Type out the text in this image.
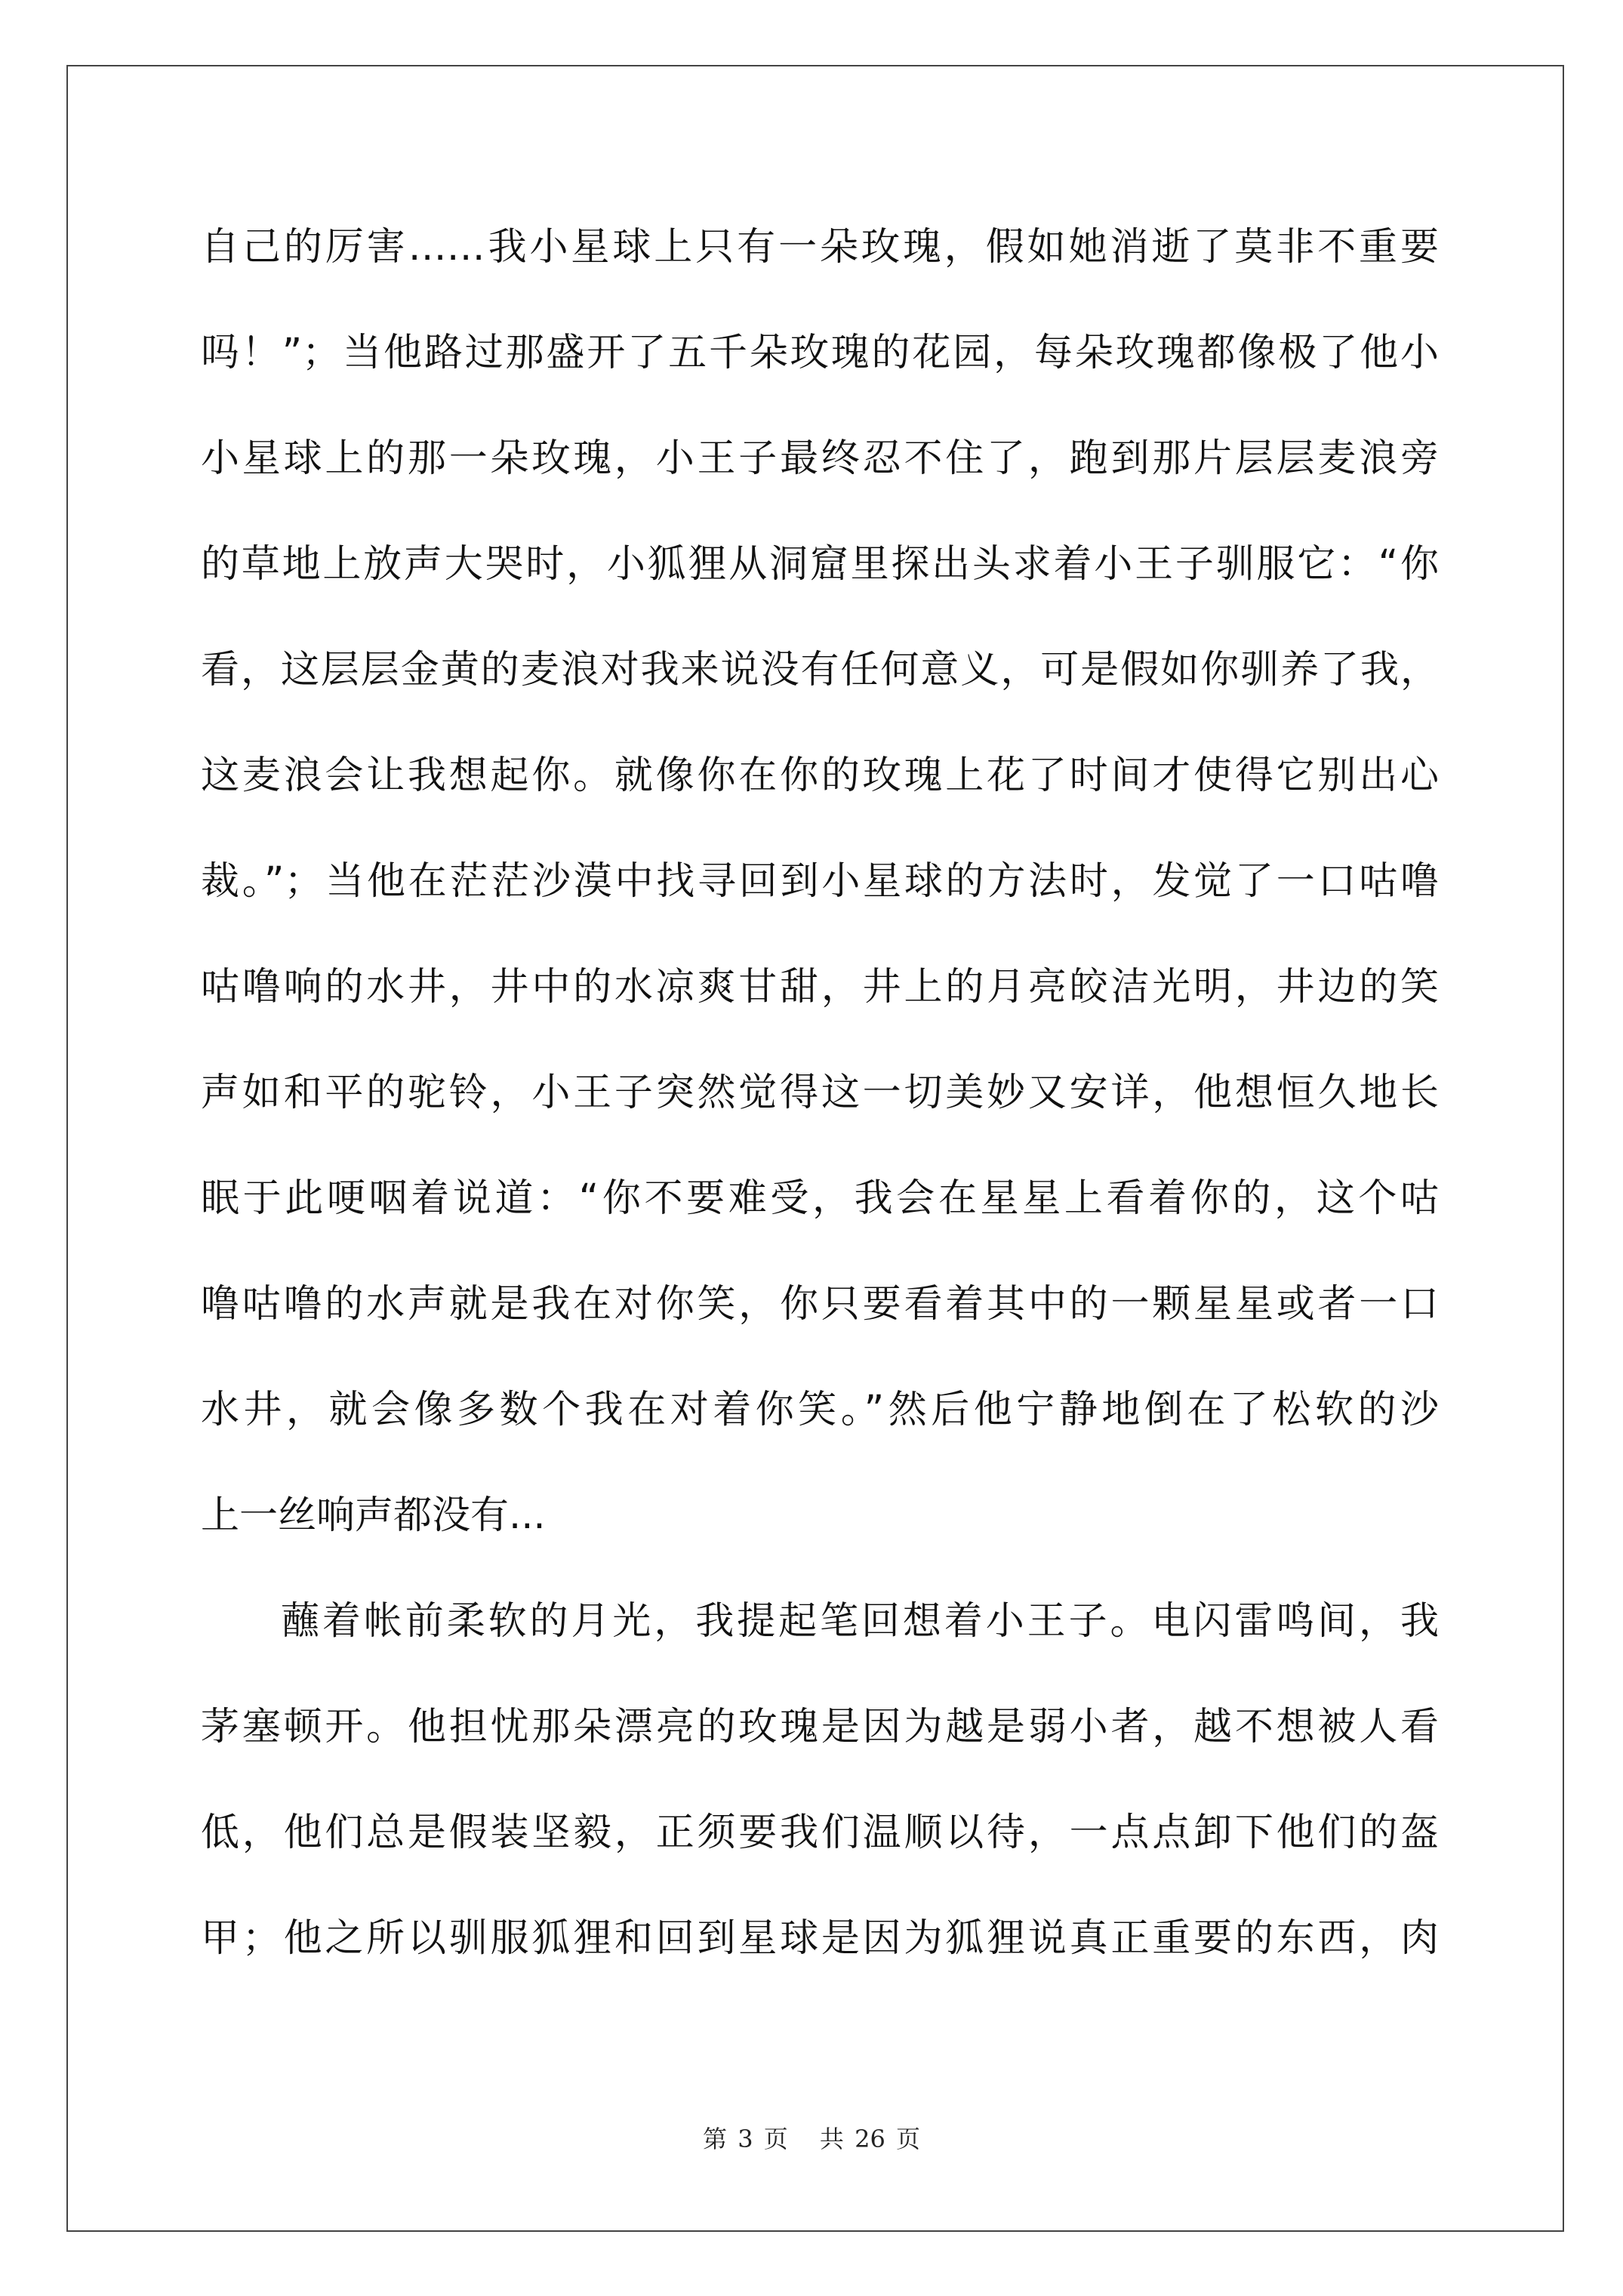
自己的厉害……我小星球上只有一朵玫瑰，假如她消逝了莫非不重要
吗！”；当他路过那盛开了五千朵玫瑰的花园，每朵玫瑰都像极了他小
小星球上的那一朵玫瑰，小王子最终忍不住了，跑到那片层层麦浪旁
的草地上放声大哭时，小狐狸从洞窟里探出头求着小王子驯服它：“你
看，这层层金黄的麦浪对我来说没有任何意义，可是假如你驯养了我，
这麦浪会让我想起你。就像你在你的玫瑰上花了时间才使得它别出心
裁。”；当他在茫茫沙漠中找寻回到小星球的方法时，发觉了一口咕噜
咕噜响的水井，井中的水凉爽甘甜，井上的月亮皎洁光明，井边的笑
声如和平的驼铃，小王子突然觉得这一切美妙又安详，他想恒久地长
眠于此哽咽着说道：“你不要难受，我会在星星上看着你的，这个咕
噜咕噜的水声就是我在对你笑，你只要看着其中的一颗星星或者一口
水井，就会像多数个我在对着你笑。”然后他宁静地倒在了松软的沙
上一丝响声都没有...
蘸着帐前柔软的月光，我提起笔回想着小王子。电闪雷鸣间，我
茅塞顿开。他担忧那朵漂亮的玫瑰是因为越是弱小者，越不想被人看
低，他们总是假装坚毅，正须要我们温顺以待，一点点卸下他们的盔
甲；他之所以驯服狐狸和回到星球是因为狐狸说真正重要的东西，肉
第 3 页 共 26 页
